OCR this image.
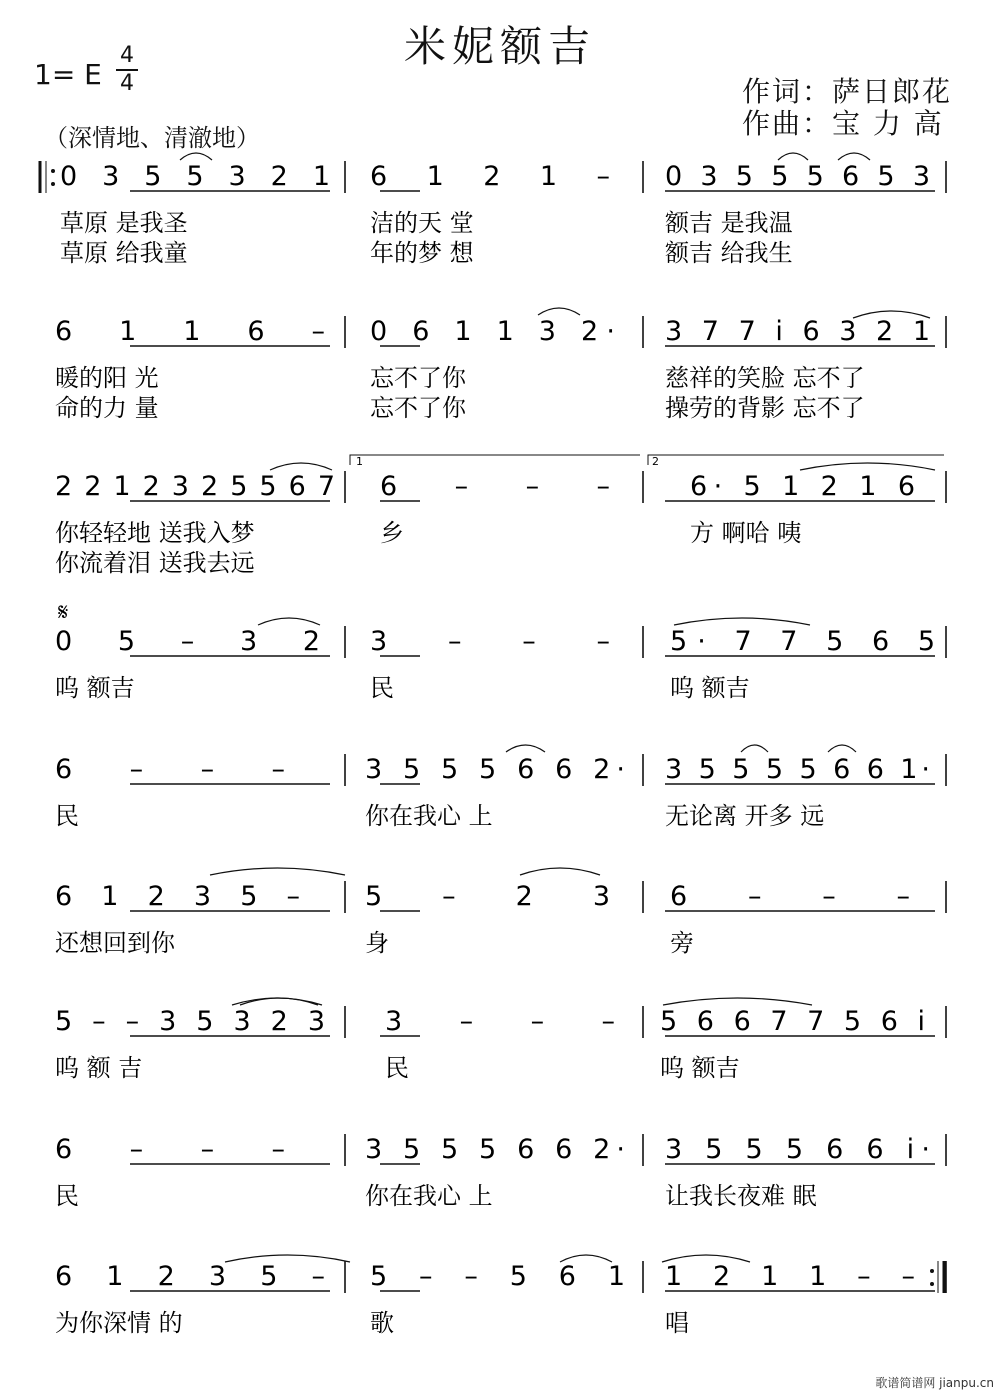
米妮额吉
1= E
4
4	作词：萨日郎花
作曲：宝 力 高
（深情地、清澈地）
0 3 5 5 3 2 1 6 1 2 1 – 0 3 5 5 5 6 5 3
草原 是我圣	洁的天 堂	额吉 是我温
草原 给我童	年的梦 想	额吉 给我生
6 1 1 6 – 0 6 1 1 3 2· 3 7 7 i 6 3 2 1
暖的阳 光	忘不了你	慈祥的笑脸 忘不了
命的力 量	忘不了你	操劳的背影 忘不了
2 2 1 2 3 2 5 5 6 7 6 – – –	6· 5 1 2 1 6
你轻轻地 送我入梦	乡	方 啊哈 咦
你流着泪 送我去远
1	2
0 5 – 3 2 3 – – – 5· 7 7 5 6 5
呜 额吉	民	呜 额吉
𝄋
6 – – –	3 5 5 5 6 6 2· 3 5 5 5 5 6 6 1·
民	你在我心 上	无论离 开多 远
6 1 2 3 5 – 5 – 2 3 6 – – –
还想回到你	身	旁
5 – – 3 5 3 2 3 3 – – – 5 6 6 7 7 5 6 i
呜 额 吉	民	呜 额吉
6 – – –	3 5 5 5 6 6 2· 3 5 5 5 6 6 i·
民	你在我心 上	让我长夜难 眠
6 1 2 3 5 – 5 – – 5 6 1 1 2 1 1 – –
为你深情 的	歌	唱
歌谱简谱网 jianpu.cn
